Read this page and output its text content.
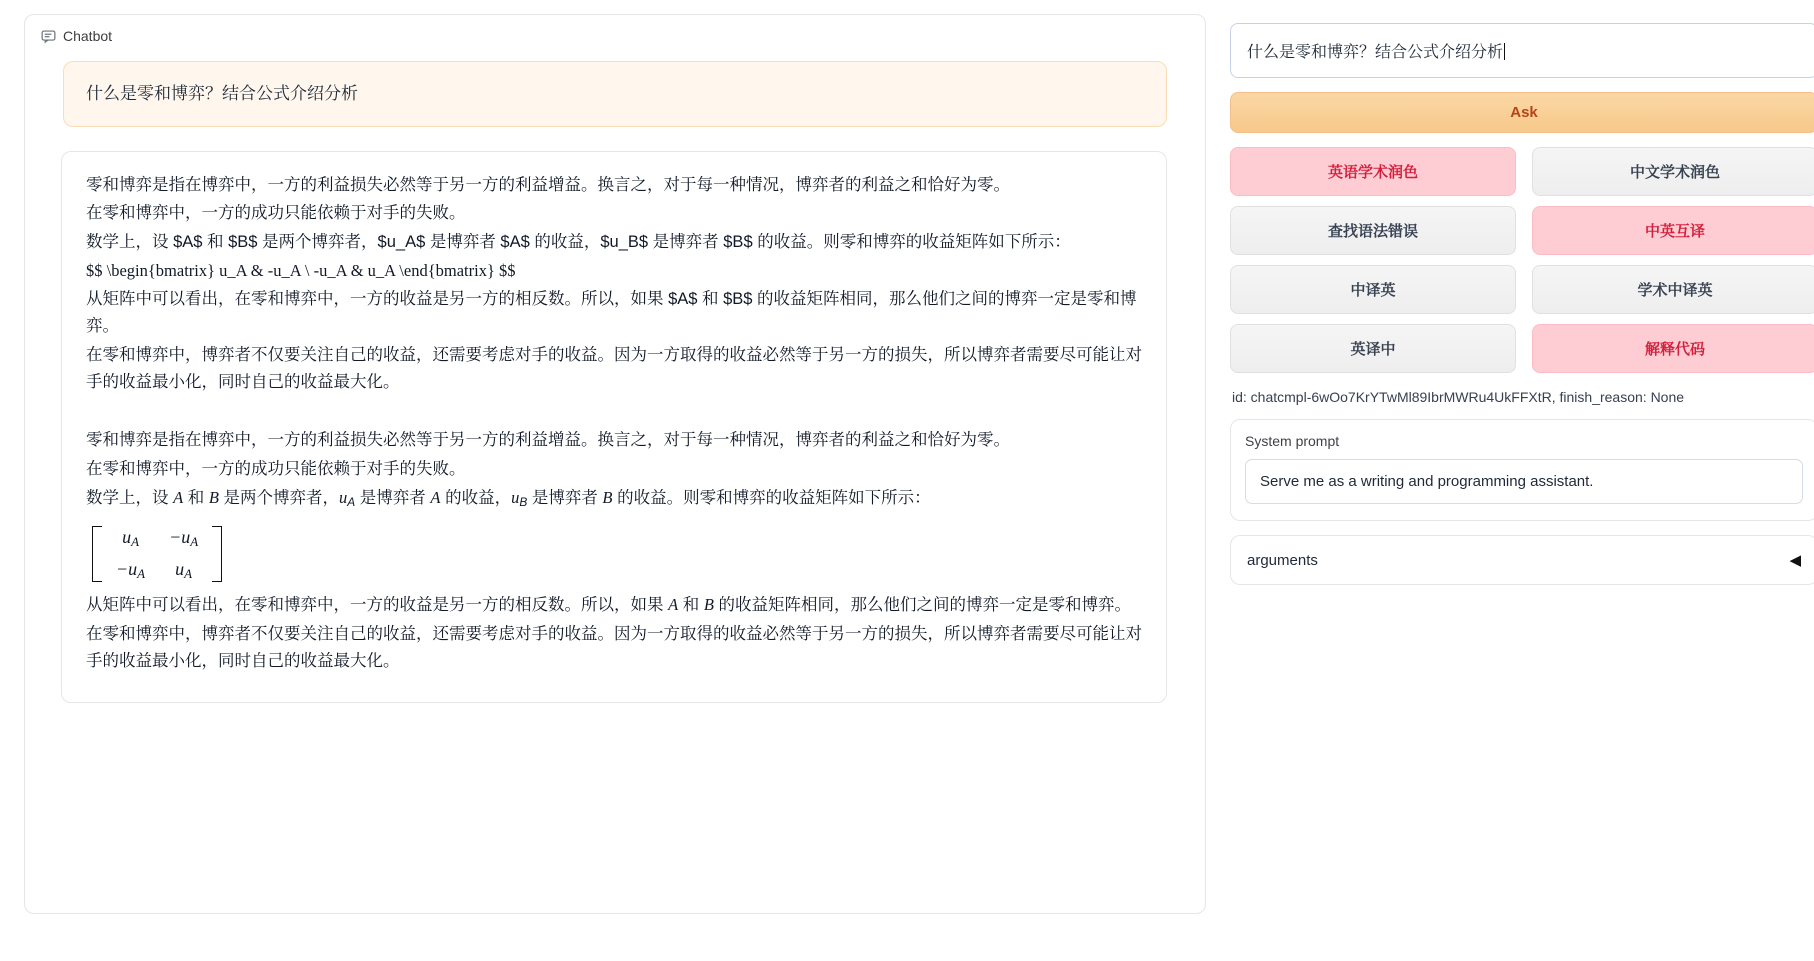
Chatbot
什么是零和博弈？结合公式介绍分析

零和博弈是指在博弈中，一方的利益损失必然等于另一方的利益增益。换言之，对于每一种情况，博弈者的利益之和恰好为零。

在零和博弈中，一方的成功只能依赖于对手的失败。

数学上，设 $A$ 和 $B$ 是两个博弈者，$u_A$ 是博弈者 $A$ 的收益，$u_B$ 是博弈者 $B$ 的收益。则零和博弈的收益矩阵如下所示：

$$ \begin{bmatrix} u_A & -u_A \ -u_A & u_A \end{bmatrix} $$

从矩阵中可以看出，在零和博弈中，一方的收益是另一方的相反数。所以，如果 $A$ 和 $B$ 的收益矩阵相同，那么他们之间的博弈一定是零和博弈。

在零和博弈中，博弈者不仅要关注自己的收益，还需要考虑对手的收益。因为一方取得的收益必然等于另一方的损失，所以博弈者需要尽可能让对手的收益最小化，同时自己的收益最大化。

零和博弈是指在博弈中，一方的利益损失必然等于另一方的利益增益。换言之，对于每一种情况，博弈者的利益之和恰好为零。

在零和博弈中，一方的成功只能依赖于对手的失败。

数学上，设 A 和 B 是两个博弈者，$u_A$ 是博弈者 A 的收益，$u_B$ 是博弈者 B 的收益。则零和博弈的收益矩阵如下所示：

$u_A$	$-u_A$
$-u_A$	$u_A$

从矩阵中可以看出，在零和博弈中，一方的收益是另一方的相反数。所以，如果 A 和 B 的收益矩阵相同，那么他们之间的博弈一定是零和博弈。

在零和博弈中，博弈者不仅要关注自己的收益，还需要考虑对手的收益。因为一方取得的收益必然等于另一方的损失，所以博弈者需要尽可能让对手的收益最小化，同时自己的收益最大化。

什么是零和博弈？结合公式介绍分析
Ask
英语学术润色	中文学术润色
查找语法错误	中英互译
中译英	学术中译英
英译中	解释代码
id: chatcmpl-6wOo7KrYTwMl89IbrMWRu4UkFFXtR, finish_reason: None
System prompt
Serve me as a writing and programming assistant.
arguments	◀
